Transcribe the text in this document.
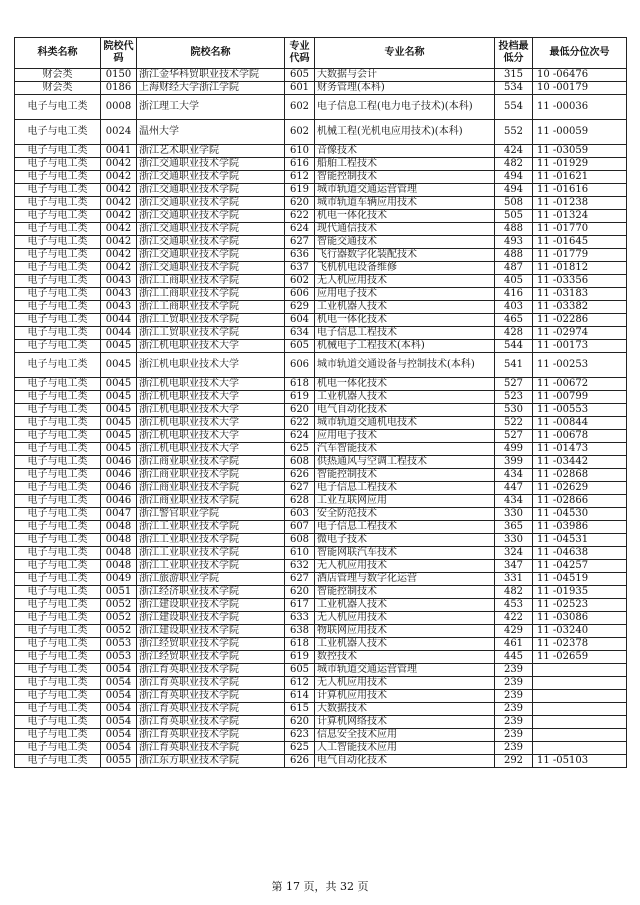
科类名称	院校代码	院校名称	专业代码	专业名称	投档最低分	最低分位次号
财会类	0150	浙江金华科贸职业技术学院	605	大数据与会计	315	10 -06476
财会类	0186	上海财经大学浙江学院	601	财务管理(本科)	534	10 -00179
电子与电工类	0008	浙江理工大学	602	电子信息工程(电力电子技术)(本科)	554	11 -00036
电子与电工类	0024	温州大学	602	机械工程(光机电应用技术)(本科)	552	11 -00059
电子与电工类	0041	浙江艺术职业学院	610	音像技术	424	11 -03059
电子与电工类	0042	浙江交通职业技术学院	616	船舶工程技术	482	11 -01929
电子与电工类	0042	浙江交通职业技术学院	612	智能控制技术	494	11 -01621
电子与电工类	0042	浙江交通职业技术学院	619	城市轨道交通运营管理	494	11 -01616
电子与电工类	0042	浙江交通职业技术学院	620	城市轨道车辆应用技术	508	11 -01238
电子与电工类	0042	浙江交通职业技术学院	622	机电一体化技术	505	11 -01324
电子与电工类	0042	浙江交通职业技术学院	624	现代通信技术	488	11 -01770
电子与电工类	0042	浙江交通职业技术学院	627	智能交通技术	493	11 -01645
电子与电工类	0042	浙江交通职业技术学院	636	飞行器数字化装配技术	488	11 -01779
电子与电工类	0042	浙江交通职业技术学院	637	飞机机电设备维修	487	11 -01812
电子与电工类	0043	浙江工商职业技术学院	602	无人机应用技术	405	11 -03356
电子与电工类	0043	浙江工商职业技术学院	606	应用电子技术	416	11 -03183
电子与电工类	0043	浙江工商职业技术学院	629	工业机器人技术	403	11 -03382
电子与电工类	0044	浙江工贸职业技术学院	604	机电一体化技术	465	11 -02286
电子与电工类	0044	浙江工贸职业技术学院	634	电子信息工程技术	428	11 -02974
电子与电工类	0045	浙江机电职业技术大学	605	机械电子工程技术(本科)	544	11 -00173
电子与电工类	0045	浙江机电职业技术大学	606	城市轨道交通设备与控制技术(本科)	541	11 -00253
电子与电工类	0045	浙江机电职业技术大学	618	机电一体化技术	527	11 -00672
电子与电工类	0045	浙江机电职业技术大学	619	工业机器人技术	523	11 -00799
电子与电工类	0045	浙江机电职业技术大学	620	电气自动化技术	530	11 -00553
电子与电工类	0045	浙江机电职业技术大学	622	城市轨道交通机电技术	522	11 -00844
电子与电工类	0045	浙江机电职业技术大学	624	应用电子技术	527	11 -00678
电子与电工类	0045	浙江机电职业技术大学	625	汽车智能技术	499	11 -01473
电子与电工类	0046	浙江商业职业技术学院	608	供热通风与空调工程技术	399	11 -03442
电子与电工类	0046	浙江商业职业技术学院	626	智能控制技术	434	11 -02868
电子与电工类	0046	浙江商业职业技术学院	627	电子信息工程技术	447	11 -02629
电子与电工类	0046	浙江商业职业技术学院	628	工业互联网应用	434	11 -02866
电子与电工类	0047	浙江警官职业学院	603	安全防范技术	330	11 -04530
电子与电工类	0048	浙江工业职业技术学院	607	电子信息工程技术	365	11 -03986
电子与电工类	0048	浙江工业职业技术学院	608	微电子技术	330	11 -04531
电子与电工类	0048	浙江工业职业技术学院	610	智能网联汽车技术	324	11 -04638
电子与电工类	0048	浙江工业职业技术学院	632	无人机应用技术	347	11 -04257
电子与电工类	0049	浙江旅游职业学院	627	酒店管理与数字化运营	331	11 -04519
电子与电工类	0051	浙江经济职业技术学院	620	智能控制技术	482	11 -01935
电子与电工类	0052	浙江建设职业技术学院	617	工业机器人技术	453	11 -02523
电子与电工类	0052	浙江建设职业技术学院	633	无人机应用技术	422	11 -03086
电子与电工类	0052	浙江建设职业技术学院	638	物联网应用技术	429	11 -03240
电子与电工类	0053	浙江经贸职业技术学院	618	工业机器人技术	461	11 -02378
电子与电工类	0053	浙江经贸职业技术学院	619	数控技术	445	11 -02659
电子与电工类	0054	浙江育英职业技术学院	605	城市轨道交通运营管理	239	
电子与电工类	0054	浙江育英职业技术学院	612	无人机应用技术	239	
电子与电工类	0054	浙江育英职业技术学院	614	计算机应用技术	239	
电子与电工类	0054	浙江育英职业技术学院	615	大数据技术	239	
电子与电工类	0054	浙江育英职业技术学院	620	计算机网络技术	239	
电子与电工类	0054	浙江育英职业技术学院	623	信息安全技术应用	239	
电子与电工类	0054	浙江育英职业技术学院	625	人工智能技术应用	239	
电子与电工类	0055	浙江东方职业技术学院	626	电气自动化技术	292	11 -05103
第 17 页，共 32 页
